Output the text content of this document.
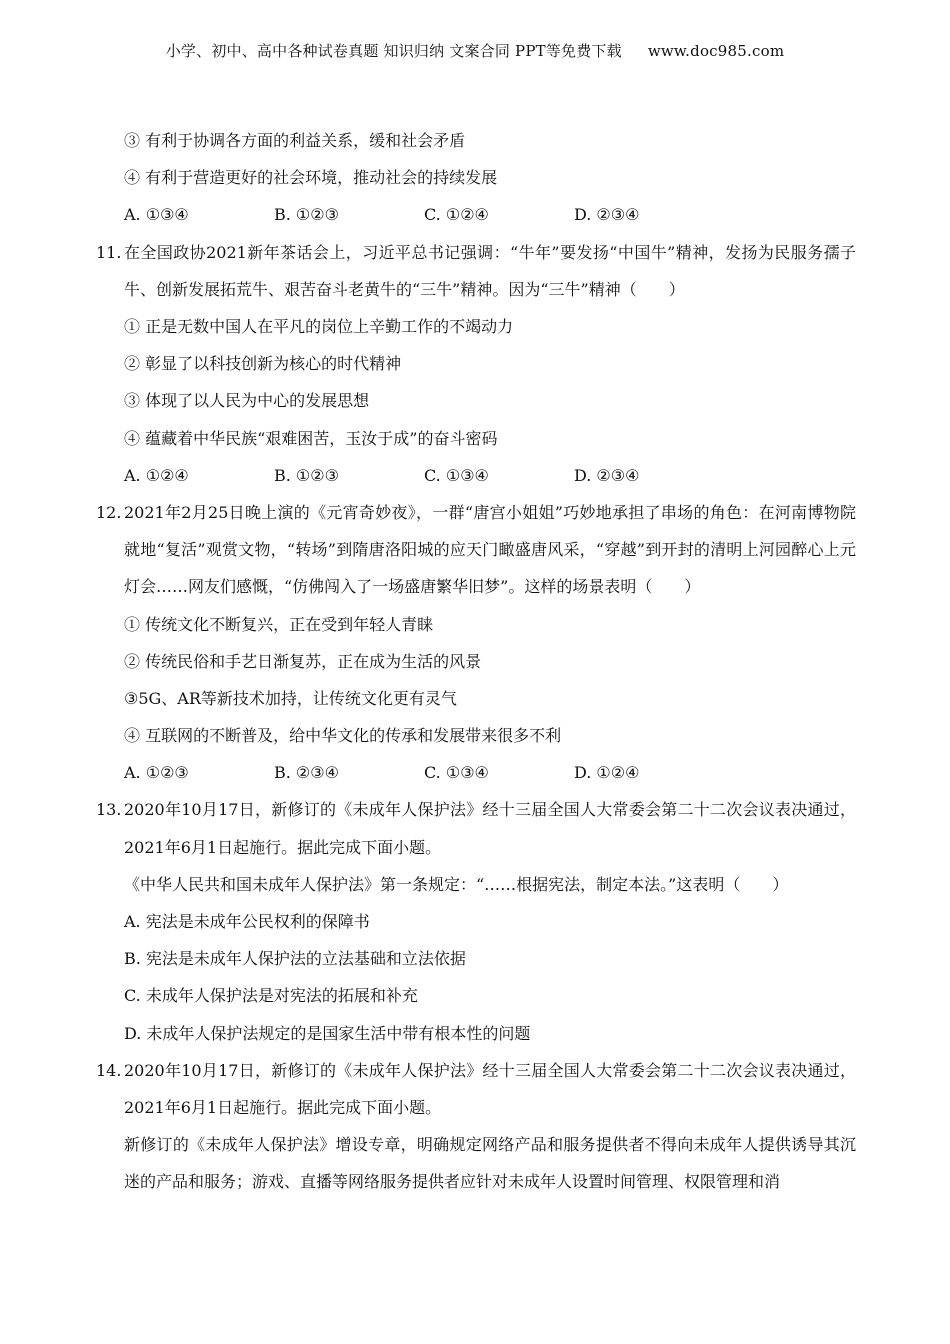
小学、初中、高中各种试卷真题 知识归纳 文案合同 PPT等免费下载 www.doc985.com
③ 有利于协调各方面的利益关系，缓和社会矛盾
④ 有利于营造更好的社会环境，推动社会的持续发展
A. ①③④	B. ①②③	C. ①②④	D. ②③④
11. 在全国政协2021新年茶话会上，习近平总书记强调：“牛年”要发扬“中国牛”精神，发扬为民服务孺子牛、创新发展拓荒牛、艰苦奋斗老黄牛的“三牛”精神。因为“三牛”精神（　　）
① 正是无数中国人在平凡的岗位上辛勤工作的不竭动力
② 彰显了以科技创新为核心的时代精神
③ 体现了以人民为中心的发展思想
④ 蕴藏着中华民族“艰难困苦，玉汝于成”的奋斗密码
A. ①②④	B. ①②③	C. ①③④	D. ②③④
12. 2021年2月25日晚上演的《元宵奇妙夜》，一群“唐宫小姐姐”巧妙地承担了串场的角色：在河南博物院就地“复活”观赏文物，“转场”到隋唐洛阳城的应天门瞰盛唐风采，“穿越”到开封的清明上河园醉心上元灯会……网友们感慨，“仿佛闯入了一场盛唐繁华旧梦”。这样的场景表明（　　）
① 传统文化不断复兴，正在受到年轻人青睐
② 传统民俗和手艺日渐复苏，正在成为生活的风景
③5G、AR等新技术加持，让传统文化更有灵气
④ 互联网的不断普及，给中华文化的传承和发展带来很多不利
A. ①②③	B. ②③④	C. ①③④	D. ①②④
13. 2020年10月17日，新修订的《未成年人保护法》经十三届全国人大常委会第二十二次会议表决通过，2021年6月1日起施行。据此完成下面小题。
《中华人民共和国未成年人保护法》第一条规定：“……根据宪法，制定本法。”这表明（　　）
A. 宪法是未成年公民权利的保障书
B. 宪法是未成年人保护法的立法基础和立法依据
C. 未成年人保护法是对宪法的拓展和补充
D. 未成年人保护法规定的是国家生活中带有根本性的问题
14. 2020年10月17日，新修订的《未成年人保护法》经十三届全国人大常委会第二十二次会议表决通过，2021年6月1日起施行。据此完成下面小题。
新修订的《未成年人保护法》增设专章，明确规定网络产品和服务提供者不得向未成年人提供诱导其沉迷的产品和服务；游戏、直播等网络服务提供者应针对未成年人设置时间管理、权限管理和消
